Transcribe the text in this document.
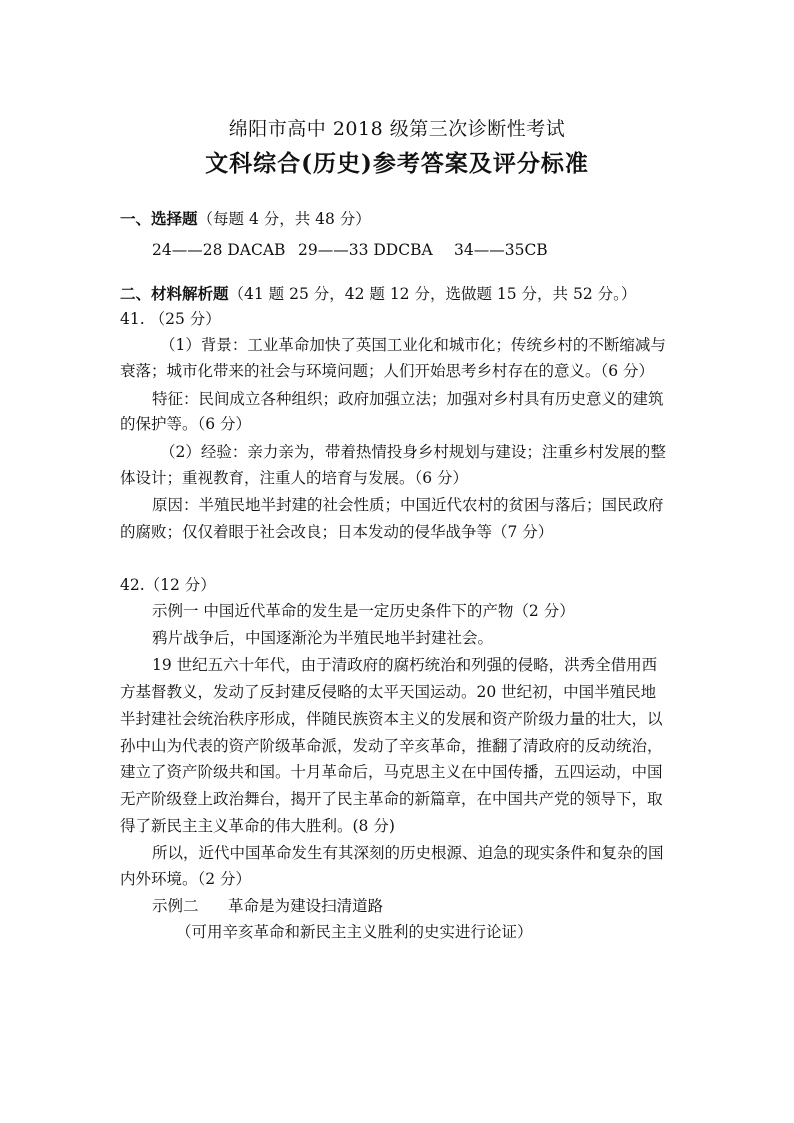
绵阳市高中 2018 级第三次诊断性考试
文科综合(历史)参考答案及评分标准
一、选择题（每题 4 分，共 48 分）
24——28 DACAB 29——33 DDCBA 34——35CB
二、材料解析题（41 题 25 分，42 题 12 分，选做题 15 分，共 52 分。）
41. （25 分）
（1）背景：工业革命加快了英国工业化和城市化；传统乡村的不断缩减与
衰落；城市化带来的社会与环境问题；人们开始思考乡村存在的意义。（6 分）
特征：民间成立各种组织；政府加强立法；加强对乡村具有历史意义的建筑
的保护等。（6 分）
（2）经验：亲力亲为，带着热情投身乡村规划与建设；注重乡村发展的整
体设计；重视教育，注重人的培育与发展。（6 分）
原因：半殖民地半封建的社会性质；中国近代农村的贫困与落后；国民政府
的腐败；仅仅着眼于社会改良；日本发动的侵华战争等（7 分）
42.（12 分）
示例一 中国近代革命的发生是一定历史条件下的产物（2 分）
鸦片战争后，中国逐渐沦为半殖民地半封建社会。
19 世纪五六十年代，由于清政府的腐朽统治和列强的侵略，洪秀全借用西
方基督教义，发动了反封建反侵略的太平天国运动。20 世纪初，中国半殖民地
半封建社会统治秩序形成，伴随民族资本主义的发展和资产阶级力量的壮大，以
孙中山为代表的资产阶级革命派，发动了辛亥革命，推翻了清政府的反动统治，
建立了资产阶级共和国。十月革命后，马克思主义在中国传播，五四运动，中国
无产阶级登上政治舞台，揭开了民主革命的新篇章，在中国共产党的领导下，取
得了新民主主义革命的伟大胜利。(8 分)
所以，近代中国革命发生有其深刻的历史根源、迫急的现实条件和复杂的国
内外环境。（2 分）
示例二      革命是为建设扫清道路
（可用辛亥革命和新民主主义胜利的史实进行论证）
